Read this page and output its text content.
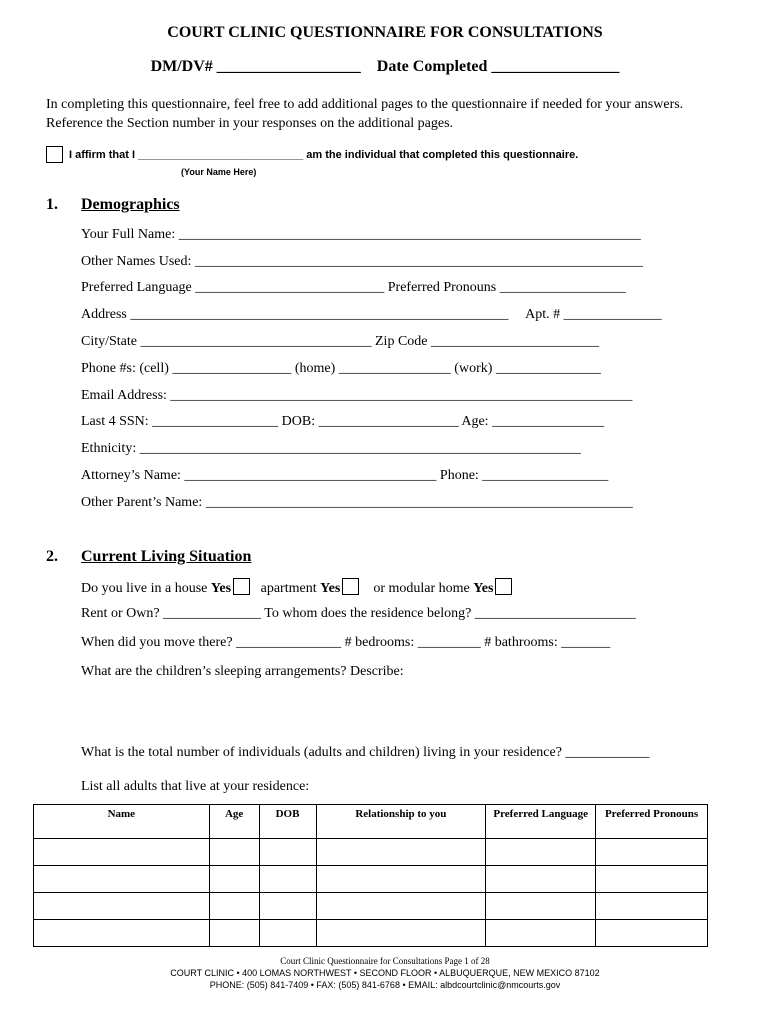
COURT CLINIC QUESTIONNAIRE FOR CONSULTATIONS
DM/DV# __________________    Date Completed ________________
In completing this questionnaire, feel free to add additional pages to the questionnaire if needed for your answers. Reference the Section number in your responses on the additional pages.
I affirm that I ___________________________ am the individual that completed this questionnaire.
(Your Name Here)
1. Demographics
Your Full Name: __________________________________________________________________
Other Names Used: ________________________________________________________________
Preferred Language ___________________________ Preferred Pronouns __________________
Address ______________________________________________________     Apt. # ______________
City/State _________________________________ Zip Code ________________________
Phone #s: (cell) _________________ (home) ________________ (work) _______________
Email Address: __________________________________________________________________
Last 4 SSN: __________________ DOB: ____________________ Age: ________________
Ethnicity: _______________________________________________________________
Attorney’s Name: ____________________________________ Phone: __________________
Other Parent’s Name: _____________________________________________________________
2. Current Living Situation
Do you live in a house Yes apartment Yes or modular home Yes
Rent or Own? ______________ To whom does the residence belong? _______________________
When did you move there? _______________ # bedrooms: _________ # bathrooms: _______
What are the children’s sleeping arrangements? Describe:
What is the total number of individuals (adults and children) living in your residence? ____________
List all adults that live at your residence:
Name	Age	DOB	Relationship to you	Preferred Language	Preferred Pronouns

Court Clinic Questionnaire for Consultations Page 1 of 28
COURT CLINIC • 400 LOMAS NORTHWEST • SECOND FLOOR • ALBUQUERQUE, NEW MEXICO 87102
PHONE: (505) 841-7409 • FAX: (505) 841-6768 • EMAIL: albdcourtclinic@nmcourts.gov
